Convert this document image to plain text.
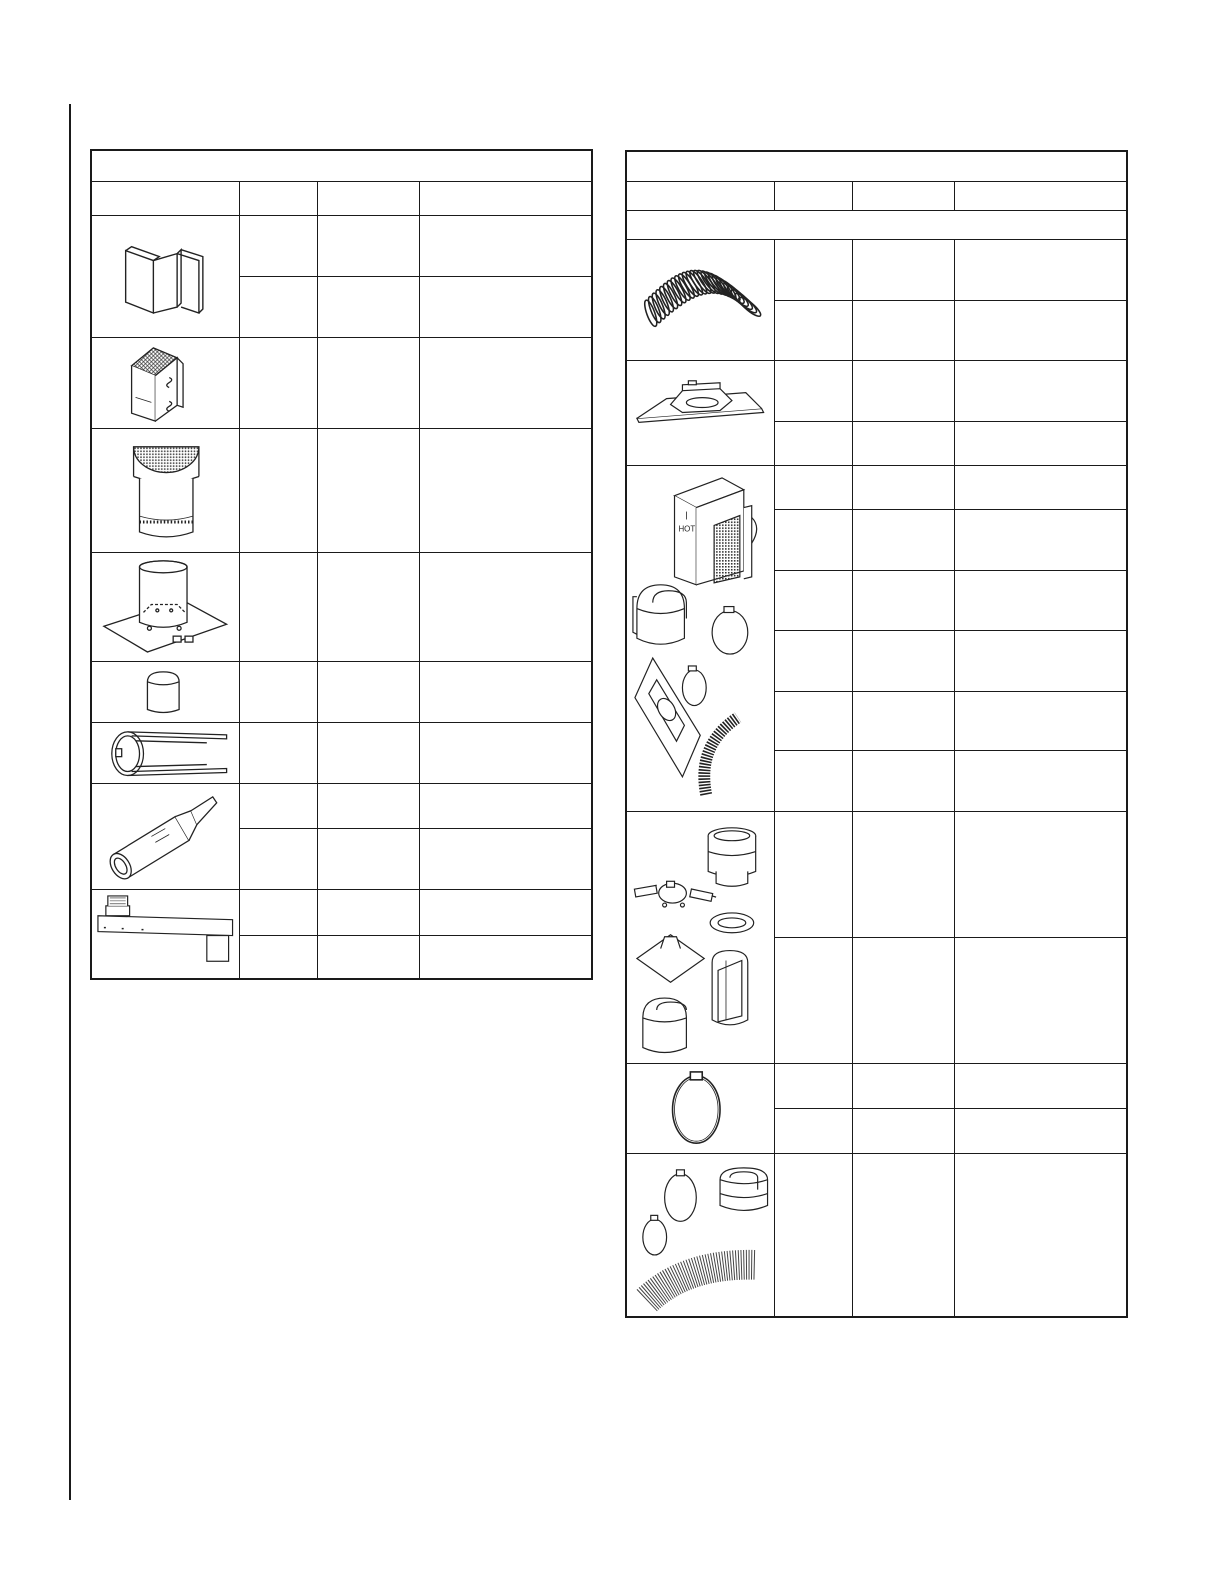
HOT			
